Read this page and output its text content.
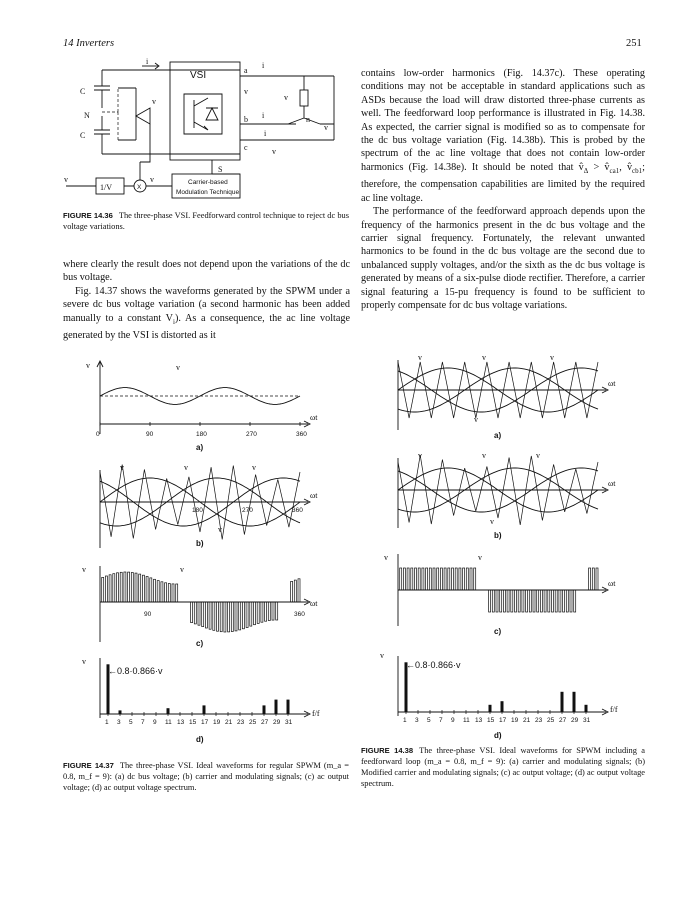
14 Inverters	251
C
C
N
v
i
VSI	a
b
c
i
i
i
v
v
n
v
v
S
Carrier-based
Modulation Technique
1/V	X
v	v
FIGURE 14.36 The three-phase VSI. Feedforward control technique to reject dc bus voltage variations.

where clearly the result does not depend upon the variations of the dc bus voltage.

Fig. 14.37 shows the waveforms generated by the SPWM under a severe dc bus voltage variation (a second harmonic has been added manually to a constant $V_i$). As a consequence, the ac line voltage generated by the VSI is distorted as it

contains low-order harmonics (Fig. 14.37c). These operating conditions may not be acceptable in standard applications such as ASDs because the load will draw distorted three-phase currents as well. The feedforward loop performance is illustrated in Fig. 14.38. As expected, the carrier signal is modified so as to compensate for the dc bus voltage variation (Fig. 14.38b). This is probed by the spectrum of the ac line voltage that does not contain low-order harmonics (Fig. 14.38e). It should be noted that $v̂_\Delta$ > $v̂_{ca1}$, $v̂_{cb1}$; therefore, the compensation capabilities are limited by the required ac line voltage.

The performance of the feedforward approach depends upon the frequency of the harmonics present in the dc bus voltage and the carrier signal frequency. Fortunately, the relevant unwanted harmonics to be found in the dc bus voltage are the second due to unbalanced supply voltages, and/or the sixth as the dc bus voltage is generated by means of a six-pulse diode rectifier. Therefore, a carrier signal featuring a 15-pu frequency is found to be sufficient to properly compensate for dc bus voltage variations.

v	v
ωt
0	90	180	270	360
a)
v	v	v
v
ωt
180	270	360
b)
v	v
ωt
90	360
c)
v
←0.8·0.866·v
f/f
1 3 5 7 9 11 13 15 17 19 21 23 25 27 29 31
d)
FIGURE 14.37 The three-phase VSI. Ideal waveforms for regular SPWM (m_a = 0.8, m_f = 9): (a) dc bus voltage; (b) carrier and modulating signals; (c) ac output voltage; (d) ac output voltage spectrum.
v	v	v
v
ωt
a)
v	v	v
v
ωt
b)
v	v
ωt
c)
v
←0.8·0.866·v
f/f
1 3 5 7 9 11 13 15 17 19 21 23 25 27 29 31
d)
FIGURE 14.38 The three-phase VSI. Ideal waveforms for SPWM including a feedforward loop (m_a = 0.8, m_f = 9): (a) carrier and modulating signals; (b) Modified carrier and modulating signals; (c) ac output voltage; (d) ac output voltage spectrum.
